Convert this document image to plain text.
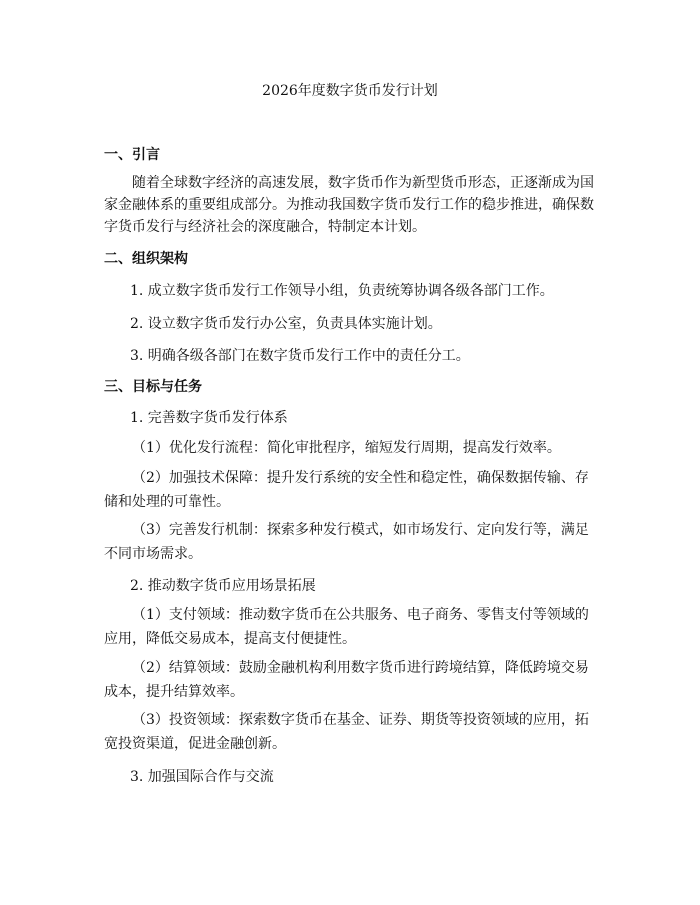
2026年度数字货币发行计划
一、引言
随着全球数字经济的高速发展，数字货币作为新型货币形态，正逐渐成为国家金融体系的重要组成部分。为推动我国数字货币发行工作的稳步推进，确保数字货币发行与经济社会的深度融合，特制定本计划。
二、组织架构
1. 成立数字货币发行工作领导小组，负责统筹协调各级各部门工作。
2. 设立数字货币发行办公室，负责具体实施计划。
3. 明确各级各部门在数字货币发行工作中的责任分工。
三、目标与任务
1. 完善数字货币发行体系
（1）优化发行流程：简化审批程序，缩短发行周期，提高发行效率。
（2）加强技术保障：提升发行系统的安全性和稳定性，确保数据传输、存储和处理的可靠性。
（3）完善发行机制：探索多种发行模式，如市场发行、定向发行等，满足不同市场需求。
2. 推动数字货币应用场景拓展
（1）支付领域：推动数字货币在公共服务、电子商务、零售支付等领域的应用，降低交易成本，提高支付便捷性。
（2）结算领域：鼓励金融机构利用数字货币进行跨境结算，降低跨境交易成本，提升结算效率。
（3）投资领域：探索数字货币在基金、证券、期货等投资领域的应用，拓宽投资渠道，促进金融创新。
3. 加强国际合作与交流
